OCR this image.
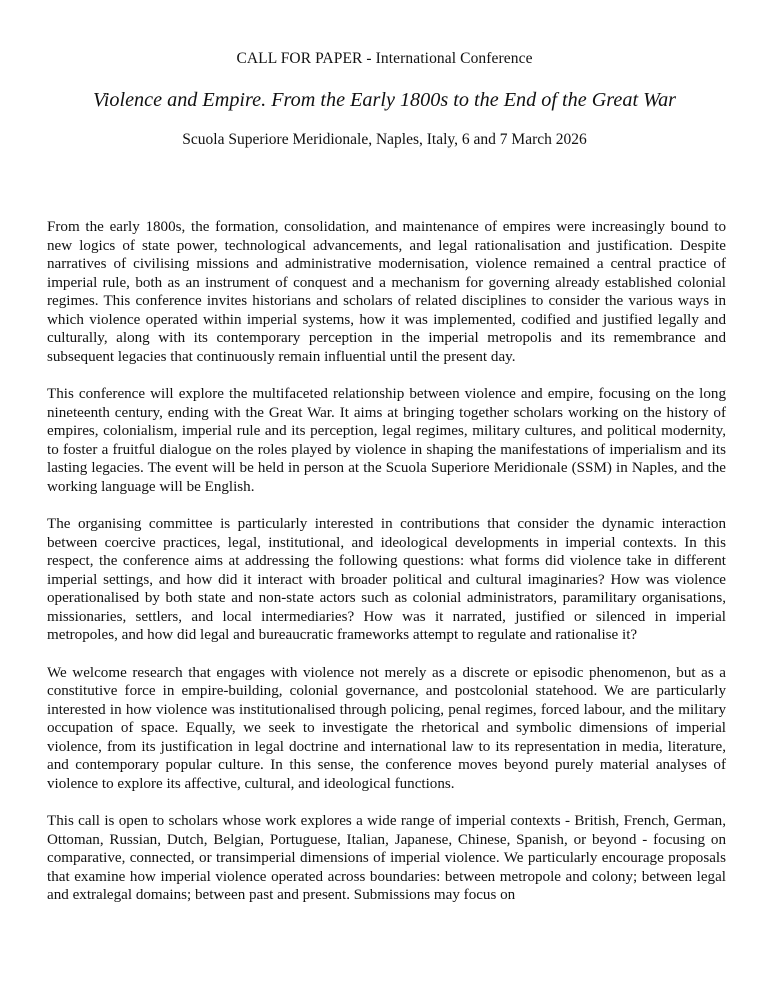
CALL FOR PAPER - International Conference
Violence and Empire. From the Early 1800s to the End of the Great War
Scuola Superiore Meridionale, Naples, Italy, 6 and 7 March 2026

From the early 1800s, the formation, consolidation, and maintenance of empires were increasingly bound to new logics of state power, technological advancements, and legal rationalisation and justification. Despite narratives of civilising missions and administrative modernisation, violence remained a central practice of imperial rule, both as an instrument of conquest and a mechanism for governing already established colonial regimes. This conference invites historians and scholars of related disciplines to consider the various ways in which violence operated within imperial systems, how it was implemented, codified and justified legally and culturally, along with its contemporary perception in the imperial metropolis and its remembrance and subsequent legacies that continuously remain influential until the present day.

This conference will explore the multifaceted relationship between violence and empire, focusing on the long nineteenth century, ending with the Great War. It aims at bringing together scholars working on the history of empires, colonialism, imperial rule and its perception, legal regimes, military cultures, and political modernity, to foster a fruitful dialogue on the roles played by violence in shaping the manifestations of imperialism and its lasting legacies. The event will be held in person at the Scuola Superiore Meridionale (SSM) in Naples, and the working language will be English.

The organising committee is particularly interested in contributions that consider the dynamic interaction between coercive practices, legal, institutional, and ideological developments in imperial contexts. In this respect, the conference aims at addressing the following questions: what forms did violence take in different imperial settings, and how did it interact with broader political and cultural imaginaries? How was violence operationalised by both state and non-state actors such as colonial administrators, paramilitary organisations, missionaries, settlers, and local intermediaries? How was it narrated, justified or silenced in imperial metropoles, and how did legal and bureaucratic frameworks attempt to regulate and rationalise it?

We welcome research that engages with violence not merely as a discrete or episodic phenomenon, but as a constitutive force in empire-building, colonial governance, and postcolonial statehood. We are particularly interested in how violence was institutionalised through policing, penal regimes, forced labour, and the military occupation of space. Equally, we seek to investigate the rhetorical and symbolic dimensions of imperial violence, from its justification in legal doctrine and international law to its representation in media, literature, and contemporary popular culture. In this sense, the conference moves beyond purely material analyses of violence to explore its affective, cultural, and ideological functions.

This call is open to scholars whose work explores a wide range of imperial contexts - British, French, German, Ottoman, Russian, Dutch, Belgian, Portuguese, Italian, Japanese, Chinese, Spanish, or beyond - focusing on comparative, connected, or transimperial dimensions of imperial violence. We particularly encourage proposals that examine how imperial violence operated across boundaries: between metropole and colony; between legal and extralegal domains; between past and present. Submissions may focus on
